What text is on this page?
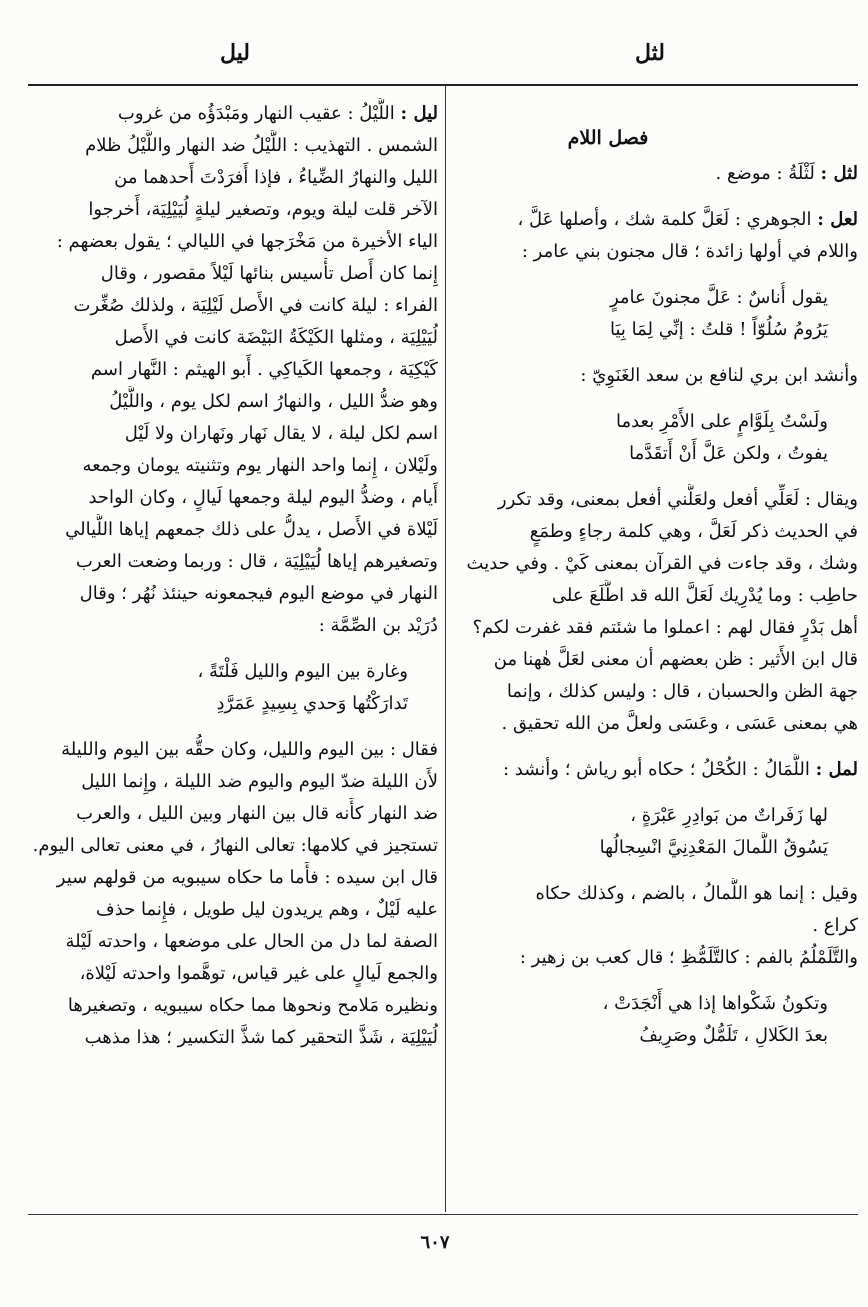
لثل
ليل
فصل اللام
لثل : لَثْلَةُ : موضع .
لعل : الجوهري : لَعَلَّ كلمة شك ، وأصلها عَلَّ ،
واللام في أولها زائدة ؛ قال مجنون بني عامر :
يقول أُناسٌ : عَلَّ مجنونَ عامرٍ
يَرُومُ سُلُوّاً ! قلتُ : إنِّي لِمَا بِيَا
وأنشد ابن بري لنافع بن سعد الغَنَوِيّ :
ولَسْتُ بِلَوَّامٍ على الأَمْرِ بعدما
يفوتُ ، ولكن عَلَّ أَنْ أَتقَدَّما
ويقال : لَعَلِّي أفعل ولعَلَّني أفعل بمعنى، وقد تكرر
في الحديث ذكر لَعَلَّ ، وهي كلمة رجاءٍ وطمَعٍ
وشك ، وقد جاءت في القرآن بمعنى كَيْ . وفي حديث
حاطِب : وما يُدْرِيك لَعَلَّ الله قد اطَّلَعَ على
أهل بَدْرٍ فقال لهم : اعملوا ما شئتم فقد غفرت لكم؟
قال ابن الأَثير : ظن بعضهم أن معنى لعَلَّ هٰهنا من
جهة الظن والحسبان ، قال : وليس كذلك ، وإنما
هي بمعنى عَسَى ، وعَسَى ولعلَّ من الله تحقيق .
لمل : اللَّمَالُ : الكُحْلُ ؛ حكاه أبو رياش ؛ وأنشد :
لها زَفَراتٌ من بَوادِرِ عَبْرَةٍ ،
يَسُوقُ اللَّمالَ المَعْدِنِيَّ انْسِجالُها
وقيل : إنما هو اللُّمالُ ، بالضم ، وكذلك حكاه
كراع .
والتَّلَمْلُمُ بالفم : كالتَّلَمُّظِ ؛ قال كعب بن زهير :
وتكونُ شَكْواها إذا هي أَنْجَدَتْ ،
بعدَ الكَلالِ ، تَلَمُّلٌ وصَرِيفُ
ليل : اللَّيْلُ : عقيب النهار ومَبْدَؤُه من غروب
الشمس . التهذيب : اللَّيْلُ ضد النهار واللَّيْلُ ظلام
الليل والنهارُ الضِّياءُ ، فإذا أَفرَدْتَ أَحدهما من
الآخر قلت ليلة ويوم، وتصغير ليلةٍ لُيَيْلِيَة، أَخرجوا
الياء الأخيرة من مَخْرَجها في الليالي ؛ يقول بعضهم :
إِنما كان أَصل تأْسيس بنائها لَيْلاً مقصور ، وقال
الفراء : ليلة كانت في الأَصل لَيْلِيَة ، ولذلك صُغِّرت
لُيَيْلِيَة ، ومثلها الكَيْكَةُ البَيْضَة كانت في الأَصل
كَيْكِيَة ، وجمعها الكَياكِي . أَبو الهيثم : النَّهار اسم
وهو ضدُّ الليل ، والنهارُ اسم لكل يوم ، واللَّيْلُ
اسم لكل ليلة ، لا يقال نَهار ونَهاران ولا لَيْل
ولَيْلان ، إِنما واحد النهار يوم وتثنيته يومان وجمعه
أَيام ، وضدُّ اليوم ليلة وجمعها لَيالٍ ، وكان الواحد
لَيْلاة في الأَصل ، يدلُّ على ذلك جمعهم إياها اللَّيالي
وتصغيرهم إياها لُيَيْلِيَة ، قال : وربما وضعت العرب
النهار في موضع اليوم فيجمعونه حينئذ نُهُر ؛ وقال
دُرَيْد بن الصِّمَّة :
وغارة بين اليوم والليل فَلْتَةً ،
تَدارَكْتُها وَحدي بِسِيدٍ عَمَرَّدِ
فقال : بين اليوم والليل، وكان حقُّه بين اليوم والليلة
لأَن الليلة ضدّ اليوم واليوم ضد الليلة ، وإِنما الليل
ضد النهار كأَنه قال بين النهار وبين الليل ، والعرب
تستجيز في كلامها: تعالى النهارُ ، في معنى تعالى اليوم.
قال ابن سيده : فأَما ما حكاه سيبويه من قولهم سير
عليه لَيْلٌ ، وهم يريدون ليل طويل ، فإِنما حذف
الصفة لما دل من الحال على موضعها ، واحدته لَيْلة
والجمع لَيالٍ على غير قياس، توهَّموا واحدته لَيْلاة،
ونظيره مَلامح ونحوها مما حكاه سيبويه ، وتصغيرها
لُيَيْلِيَة ، شَذَّ التحقير كما شذَّ التكسير ؛ هذا مذهب
٦٠٧
